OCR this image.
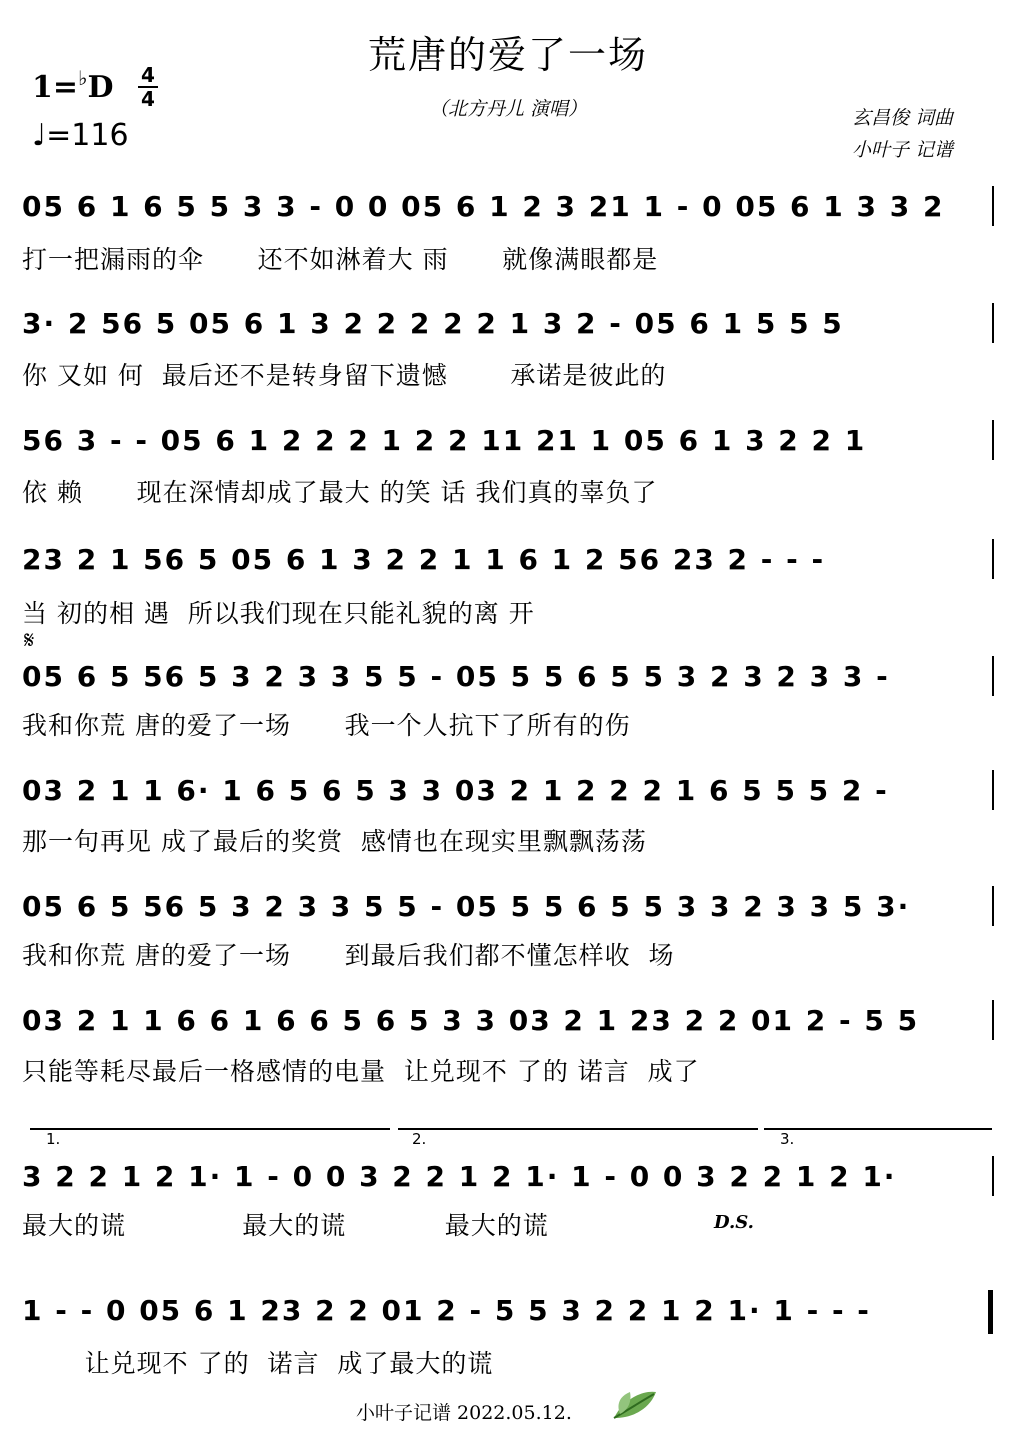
荒唐的爱了一场
（北方丹儿 演唱）
1=♭D 4
4
♩=116	玄昌俊 词曲
小叶子 记谱
05 6 1 6 5 5 3 3 - 0 0 05 6 1 2 3 21 1 - 0 05 6 1 3 3 2
打一把漏雨的伞      还不如淋着大 雨      就像满眼都是
3· 2 56 5 05 6 1 3 2 2 2 2 2 1 3 2 - 05 6 1 5 5 5
你 又如 何  最后还不是转身留下遗憾       承诺是彼此的
56 3 - - 05 6 1 2 2 2 1 2 2 11 21 1 05 6 1 3 2 2 1
依 赖      现在深情却成了最大 的笑 话 我们真的辜负了
23 2 1 56 5 05 6 1 3 2 2 1 1 6 1 2 56 23 2 - - -
当 初的相 遇  所以我们现在只能礼貌的离 开
𝄋
05 6 5 56 5 3 2 3 3 5 5 - 05 5 5 6 5 5 3 2 3 2 3 3 -
我和你荒 唐的爱了一场      我一个人抗下了所有的伤
03 2 1 1 6· 1 6 5 6 5 3 3 03 2 1 2 2 2 1 6 5 5 5 2 -
那一句再见 成了最后的奖赏  感情也在现实里飘飘荡荡
05 6 5 56 5 3 2 3 3 5 5 - 05 5 5 6 5 5 3 3 2 3 3 5 3·
我和你荒 唐的爱了一场      到最后我们都不懂怎样收  场
03 2 1 1 6 6 1 6 6 5 6 5 3 3 03 2 1 23 2 2 01 2 - 5 5
只能等耗尽最后一格感情的电量  让兑现不 了的 诺言  成了
1.	2.	3.
3 2 2 1 2 1· 1 - 0 0 3 2 2 1 2 1· 1 - 0 0 3 2 2 1 2 1·
D.S.
最大的谎             最大的谎           最大的谎
1 - - 0 05 6 1 23 2 2 01 2 - 5 5 3 2 2 1 2 1· 1 - - -
让兑现不 了的  诺言  成了最大的谎
小叶子记谱 2022.05.12.
